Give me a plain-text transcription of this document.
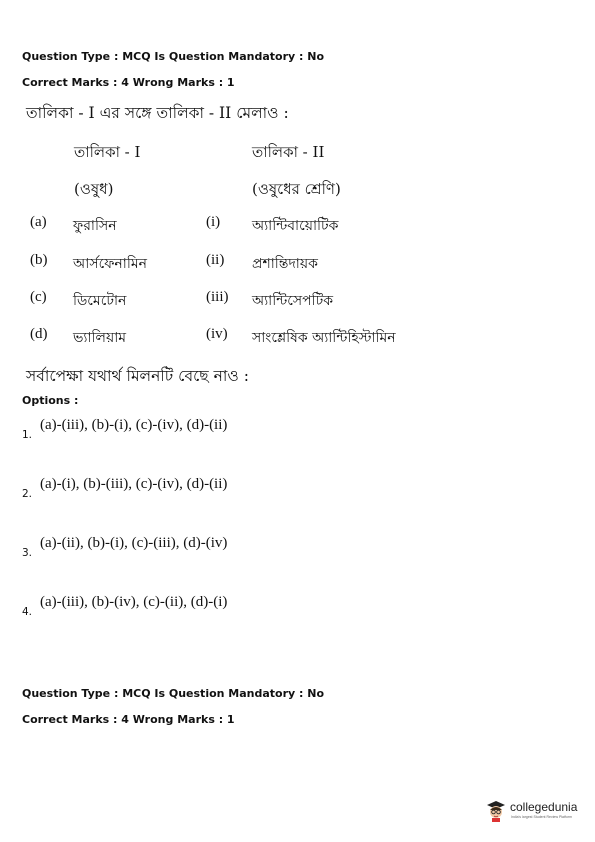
Question Type : MCQ Is Question Mandatory : No
Correct Marks : 4 Wrong Marks : 1
তালিকা - I এর সঙ্গে তালিকা - II মেলাও :
তালিকা - I	তালিকা - II
(ওষুধ)	(ওষুধের শ্রেণি)
(a) ফুরাসিন	(i) অ্যান্টিবায়োটিক
(b) আর্সফেনামিন	(ii) প্রশান্তিদায়ক
(c) ডিমেটোন	(iii) অ্যান্টিসেপটিক
(d) ভ্যালিয়াম	(iv) সাংশ্লেষিক অ্যান্টিহিস্টামিন
সর্বাপেক্ষা যথার্থ মিলনটি বেছে নাও :
Options :
1.
(a)-(iii), (b)-(i), (c)-(iv), (d)-(ii)
2.
(a)-(i), (b)-(iii), (c)-(iv), (d)-(ii)
3.
(a)-(ii), (b)-(i), (c)-(iii), (d)-(iv)
4.
(a)-(iii), (b)-(iv), (c)-(ii), (d)-(i)
Question Type : MCQ Is Question Mandatory : No
Correct Marks : 4 Wrong Marks : 1
collegedunia
India's largest Student Review Platform
